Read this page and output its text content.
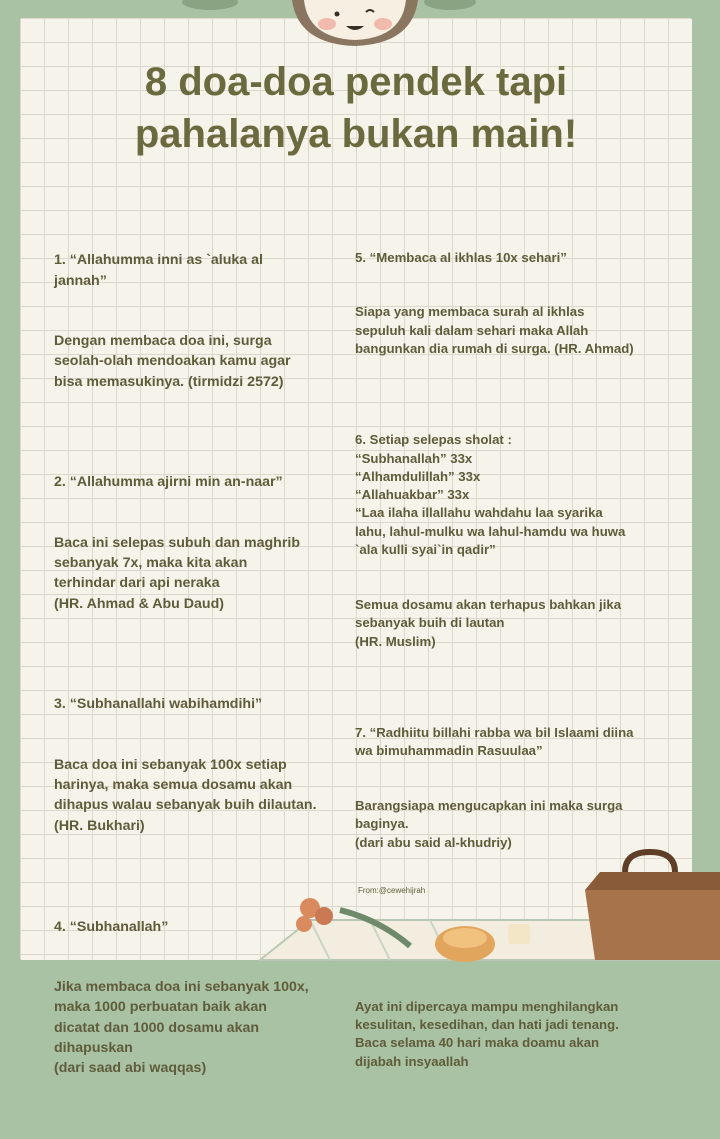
8 doa-doa pendek tapi
pahalanya bukan main!

1. “Allahumma inni as `aluka al
jannah”

Dengan membaca doa ini, surga
seolah-olah mendoakan kamu agar
bisa memasukinya. (tirmidzi 2572)

2. “Allahumma ajirni min an-naar”

Baca ini selepas subuh dan maghrib
sebanyak 7x, maka kita akan
terhindar dari api neraka
(HR. Ahmad & Abu Daud)

3. “Subhanallahi wabihamdihi”

Baca doa ini sebanyak 100x setiap
harinya, maka semua dosamu akan
dihapus walau sebanyak buih dilautan.
(HR. Bukhari)

4. “Subhanallah”

Jika membaca doa ini sebanyak 100x,
maka 1000 perbuatan baik akan
dicatat dan 1000 dosamu akan
dihapuskan
(dari saad abi waqqas)

5. “Membaca al ikhlas 10x sehari”

Siapa yang membaca surah al ikhlas
sepuluh kali dalam sehari maka Allah
bangunkan dia rumah di surga. (HR. Ahmad)

6. Setiap selepas sholat :
“Subhanallah” 33x
“Alhamdulillah” 33x
“Allahuakbar” 33x
“Laa ilaha illallahu wahdahu laa syarika
lahu, lahul-mulku wa lahul-hamdu wa huwa
`ala kulli syai`in qadir”

Semua dosamu akan terhapus bahkan jika
sebanyak buih di lautan
(HR. Muslim)

7. “Radhiitu billahi rabba wa bil Islaami diina
wa bimuhammadin Rasuulaa”

Barangsiapa mengucapkan ini maka surga
baginya.
(dari abu said al-khudriy)

Ayat ini dipercaya mampu menghilangkan
kesulitan, kesedihan, dan hati jadi tenang.
Baca selama 40 hari maka doamu akan
dijabah insyaallah

From:@cewehijrah
